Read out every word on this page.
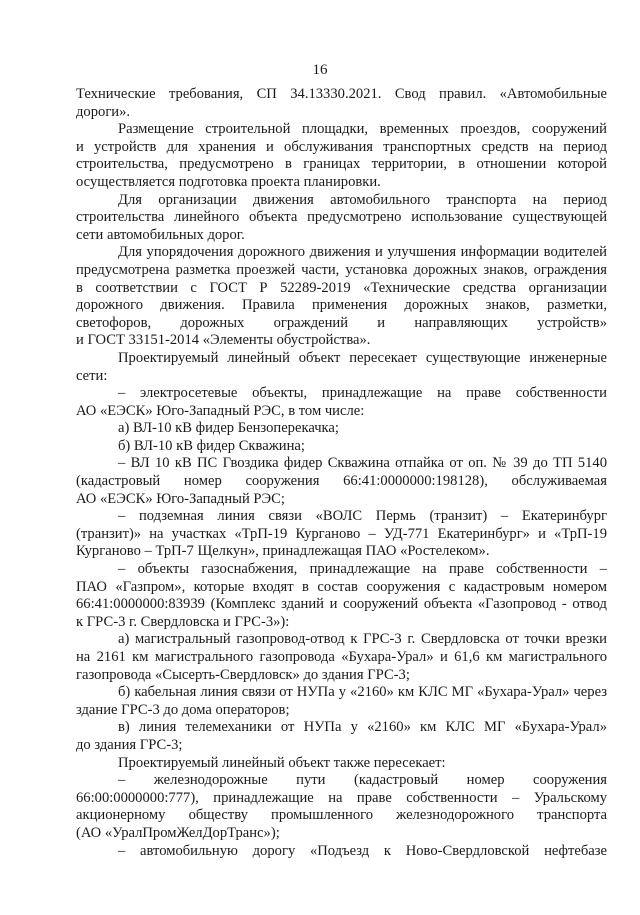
16
Технические требования, СП 34.13330.2021. Свод правил. «Автомобильные
дороги».
Размещение строительной площадки, временных проездов, сооружений
и устройств для хранения и обслуживания транспортных средств на период
строительства, предусмотрено в границах территории, в отношении которой
осуществляется подготовка проекта планировки.
Для организации движения автомобильного транспорта на период
строительства линейного объекта предусмотрено использование существующей
сети автомобильных дорог.
Для упорядочения дорожного движения и улучшения информации водителей
предусмотрена разметка проезжей части, установка дорожных знаков, ограждения
в соответствии с ГОСТ Р 52289-2019 «Технические средства организации
дорожного движения. Правила применения дорожных знаков, разметки,
светофоров, дорожных ограждений и направляющих устройств»
и ГОСТ 33151-2014 «Элементы обустройства».
Проектируемый линейный объект пересекает существующие инженерные
сети:
– электросетевые объекты, принадлежащие на праве собственности
АО «ЕЭСК» Юго-Западный РЭС, в том числе:
а) ВЛ-10 кВ фидер Бензоперекачка;
б) ВЛ-10 кВ фидер Скважина;
– ВЛ 10 кВ ПС Гвоздика фидер Скважина отпайка от оп. № 39 до ТП 5140
(кадастровый номер сооружения 66:41:0000000:198128), обслуживаемая
АО «ЕЭСК» Юго-Западный РЭС;
– подземная линия связи «ВОЛС Пермь (транзит) – Екатеринбург
(транзит)» на участках «ТрП-19 Курганово – УД-771 Екатеринбург» и «ТрП-19
Курганово – ТрП-7 Щелкун», принадлежащая ПАО «Ростелеком».
– объекты газоснабжения, принадлежащие на праве собственности –
ПАО «Газпром», которые входят в состав сооружения с кадастровым номером
66:41:0000000:83939 (Комплекс зданий и сооружений объекта «Газопровод - отвод
к ГРС-3 г. Свердловска и ГРС-3»):
а) магистральный газопровод-отвод к ГРС-3 г. Свердловска от точки врезки
на 2161 км магистрального газопровода «Бухара-Урал» и 61,6 км магистрального
газопровода «Сысерть-Свердловск» до здания ГРС-3;
б) кабельная линия связи от НУПа у «2160» км КЛС МГ «Бухара-Урал» через
здание ГРС-3 до дома операторов;
в) линия телемеханики от НУПа у «2160» км КЛС МГ «Бухара-Урал»
до здания ГРС-3;
Проектируемый линейный объект также пересекает:
– железнодорожные пути (кадастровый номер сооружения
66:00:0000000:777), принадлежащие на праве собственности – Уральскому
акционерному обществу промышленного железнодорожного транспорта
(АО «УралПромЖелДорТранс»);
– автомобильную дорогу «Подъезд к Ново-Свердловской нефтебазе
